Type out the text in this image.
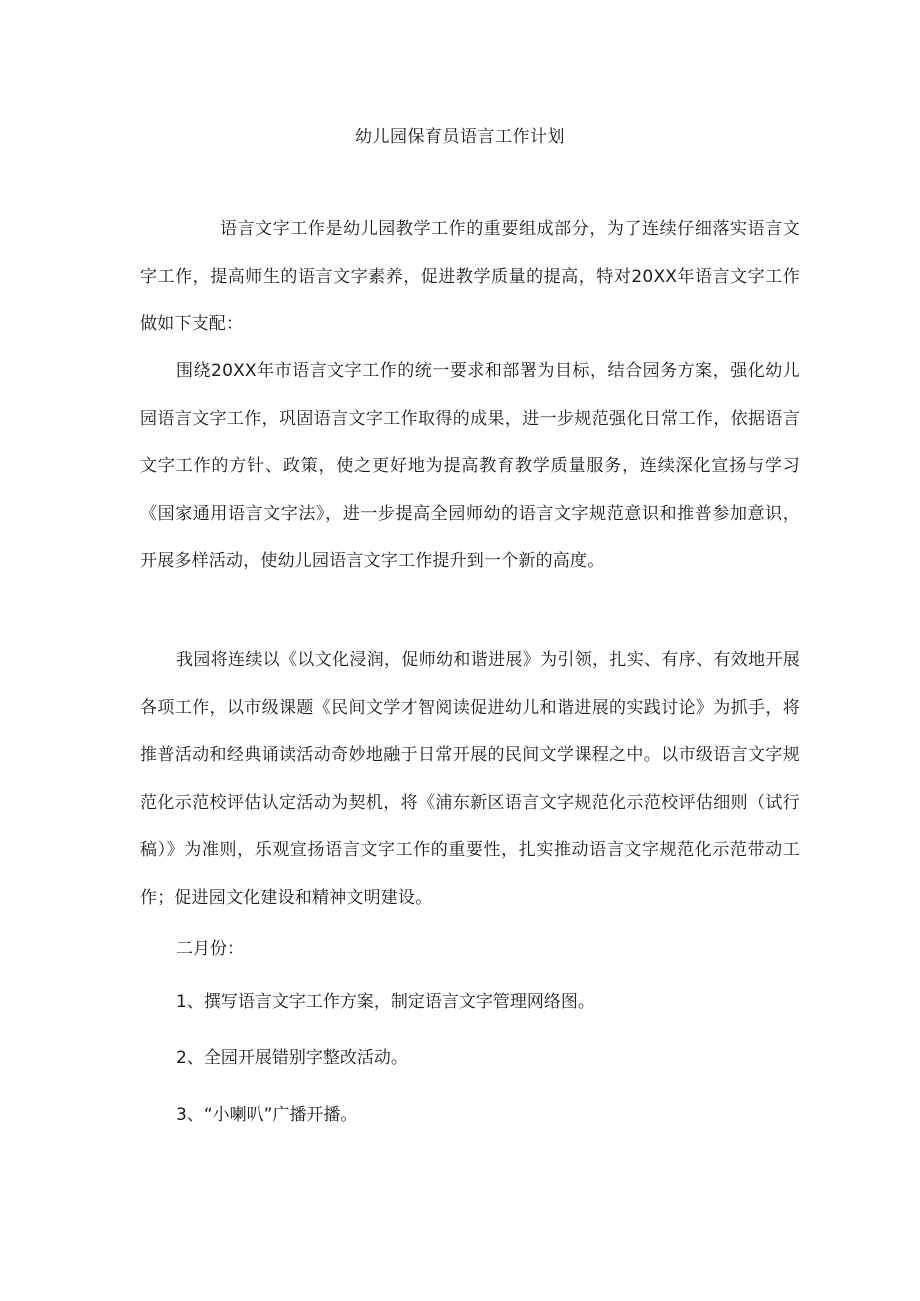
幼儿园保育员语言工作计划

语言文字工作是幼儿园教学工作的重要组成部分，为了连续仔细落实语言文字工作，提高师生的语言文字素养，促进教学质量的提高，特对20XX年语言文字工作做如下支配：

围绕20XX年市语言文字工作的统一要求和部署为目标，结合园务方案，强化幼儿园语言文字工作，巩固语言文字工作取得的成果，进一步规范强化日常工作，依据语言文字工作的方针、政策，使之更好地为提高教育教学质量服务，连续深化宣扬与学习《国家通用语言文字法》，进一步提高全园师幼的语言文字规范意识和推普参加意识，开展多样活动，使幼儿园语言文字工作提升到一个新的高度。

我园将连续以《以文化浸润，促师幼和谐进展》为引领，扎实、有序、有效地开展各项工作，以市级课题《民间文学才智阅读促进幼儿和谐进展的实践讨论》为抓手，将推普活动和经典诵读活动奇妙地融于日常开展的民间文学课程之中。以市级语言文字规范化示范校评估认定活动为契机，将《浦东新区语言文字规范化示范校评估细则（试行稿）》为准则，乐观宣扬语言文字工作的重要性，扎实推动语言文字规范化示范带动工作；促进园文化建设和精神文明建设。

二月份：

1、撰写语言文字工作方案，制定语言文字管理网络图。

2、全园开展错别字整改活动。

3、“小喇叭”广播开播。
